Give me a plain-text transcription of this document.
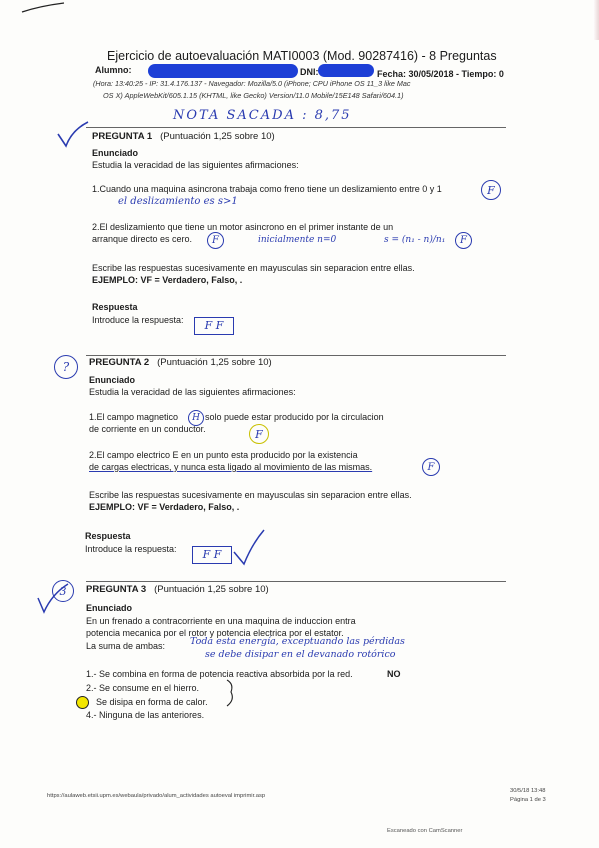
Ejercicio de autoevaluación MATI0003 (Mod. 90287416) - 8 Preguntas
Alumno:	DNI:	Fecha: 30/05/2018 - Tiempo: 0
(Hora: 13:40:25 - IP: 31.4.176.137 - Navegador: Mozilla/5.0 (iPhone; CPU iPhone OS 11_3 like Mac
OS X) AppleWebKit/605.1.15 (KHTML, like Gecko) Version/11.0 Mobile/15E148 Safari/604.1)
NOTA SACADA : 8,75
PREGUNTA 1 (Puntuación 1,25 sobre 10)
Enunciado
Estudia la veracidad de las siguientes afirmaciones:
1.Cuando una maquina asincrona trabaja como freno tiene un deslizamiento entre 0 y 1	F
el deslizamiento es s>1
2.El deslizamiento que tiene un motor asincrono en el primer instante de un
arranque directo es cero. F	inicialmente n=0	s = (n₁ - n)/n₁ F
Escribe las respuestas sucesivamente en mayusculas sin separacion entre ellas.
EJEMPLO: VF = Verdadero, Falso, .
Respuesta
Introduce la respuesta:	F F
? PREGUNTA 2 (Puntuación 1,25 sobre 10)
Enunciado
Estudia la veracidad de las siguientes afirmaciones:
1.El campo magnetico H solo puede estar producido por la circulacion
de corriente en un conductor.	F
2.El campo electrico E en un punto esta producido por la existencia
de cargas electricas, y nunca esta ligado al movimiento de las mismas.	F
Escribe las respuestas sucesivamente en mayusculas sin separacion entre ellas.
EJEMPLO: VF = Verdadero, Falso, .
Respuesta
Introduce la respuesta:	F F
3 PREGUNTA 3 (Puntuación 1,25 sobre 10)
Enunciado
En un frenado a contracorriente en una maquina de induccion entra
potencia mecanica por el rotor y potencia electrica por el estator.
La suma de ambas:	Toda esta energía, exceptuando las pérdidas
se debe disipar en el devanado rotórico
1.- Se combina en forma de potencia reactiva absorbida por la red.	NO
2.- Se consume en el hierro.
Se disipa en forma de calor.
4.- Ninguna de las anteriores.
https://aulaweb.etsii.upm.es/webaula/privado/alum_actividades autoeval imprimir.asp
30/5/18 13:48
Página 1 de 3
Escaneado con CamScanner
